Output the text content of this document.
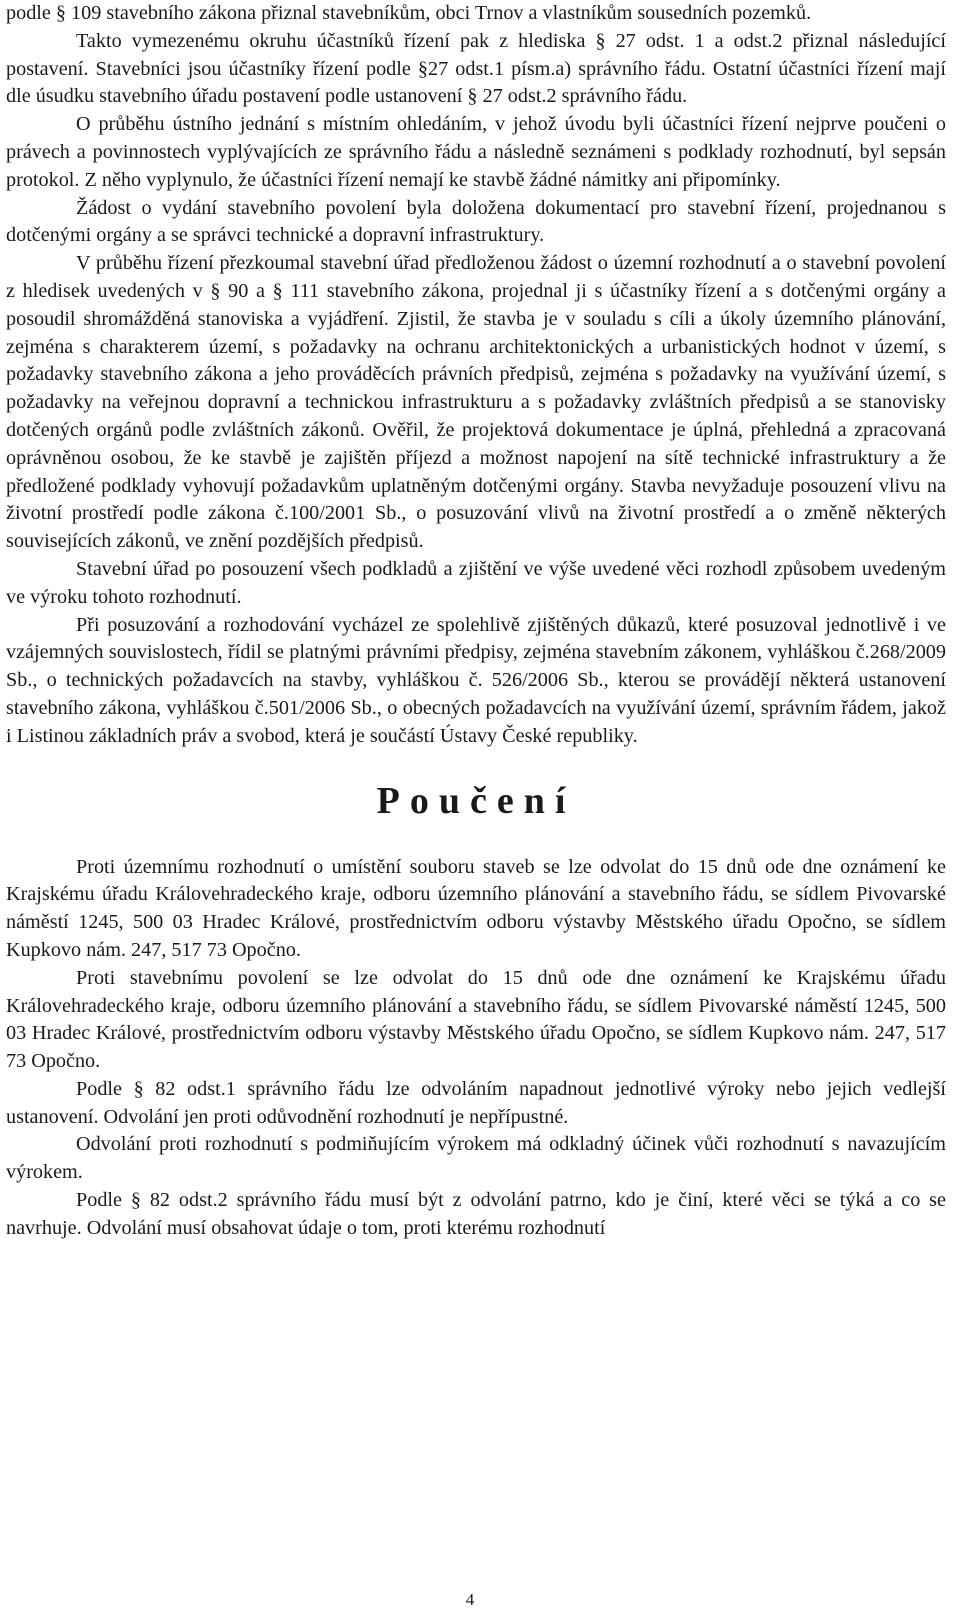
podle § 109 stavebního zákona přiznal stavebníkům, obci Trnov a vlastníkům sousedních pozemků.

Takto vymezenému okruhu účastníků řízení pak z hlediska § 27 odst. 1 a odst.2 přiznal následující postavení. Stavebníci jsou účastníky řízení podle §27 odst.1 písm.a) správního řádu. Ostatní účastníci řízení mají dle úsudku stavebního úřadu postavení podle ustanovení § 27 odst.2 správního řádu.

O průběhu ústního jednání s místním ohledáním, v jehož úvodu byli účastníci řízení nejprve poučeni o právech a povinnostech vyplývajících ze správního řádu a následně seznámeni s podklady rozhodnutí, byl sepsán protokol. Z něho vyplynulo, že účastníci řízení nemají ke stavbě žádné námitky ani připomínky.

Žádost o vydání stavebního povolení byla doložena dokumentací pro stavební řízení, projednanou s dotčenými orgány a se správci technické a dopravní infrastruktury.

V průběhu řízení přezkoumal stavební úřad předloženou žádost o územní rozhodnutí a o stavební povolení z hledisek uvedených v § 90 a § 111 stavebního zákona, projednal ji s účastníky řízení a s dotčenými orgány a posoudil shromážděná stanoviska a vyjádření. Zjistil, že stavba je v souladu s cíli a úkoly územního plánování, zejména s charakterem území, s požadavky na ochranu architektonických a urbanistických hodnot v území, s požadavky stavebního zákona a jeho prováděcích právních předpisů, zejména s požadavky na využívání území, s požadavky na veřejnou dopravní a technickou infrastrukturu a s požadavky zvláštních předpisů a se stanovisky dotčených orgánů podle zvláštních zákonů. Ověřil, že projektová dokumentace je úplná, přehledná a zpracovaná oprávněnou osobou, že ke stavbě je zajištěn příjezd a možnost napojení na sítě technické infrastruktury a že předložené podklady vyhovují požadavkům uplatněným dotčenými orgány. Stavba nevyžaduje posouzení vlivu na životní prostředí podle zákona č.100/2001 Sb., o posuzování vlivů na životní prostředí a o změně některých souvisejících zákonů, ve znění pozdějších předpisů.

Stavební úřad po posouzení všech podkladů a zjištění ve výše uvedené věci rozhodl způsobem uvedeným ve výroku tohoto rozhodnutí.

Při posuzování a rozhodování vycházel ze spolehlivě zjištěných důkazů, které posuzoval jednotlivě i ve vzájemných souvislostech, řídil se platnými právními předpisy, zejména stavebním zákonem, vyhláškou č.268/2009 Sb., o technických požadavcích na stavby, vyhláškou č. 526/2006 Sb., kterou se provádějí některá ustanovení stavebního zákona, vyhláškou č.501/2006 Sb., o obecných požadavcích na využívání území, správním řádem, jakož i Listinou základních práv a svobod, která je součástí Ústavy České republiky.

Poučení

Proti územnímu rozhodnutí o umístění souboru staveb se lze odvolat do 15 dnů ode dne oznámení ke Krajskému úřadu Královehradeckého kraje, odboru územního plánování a stavebního řádu, se sídlem Pivovarské náměstí 1245, 500 03 Hradec Králové, prostřednictvím odboru výstavby Městského úřadu Opočno, se sídlem Kupkovo nám. 247, 517 73 Opočno.

Proti stavebnímu povolení se lze odvolat do 15 dnů ode dne oznámení ke Krajskému úřadu Královehradeckého kraje, odboru územního plánování a stavebního řádu, se sídlem Pivovarské náměstí 1245, 500 03 Hradec Králové, prostřednictvím odboru výstavby Městského úřadu Opočno, se sídlem Kupkovo nám. 247, 517 73 Opočno.

Podle § 82 odst.1 správního řádu lze odvoláním napadnout jednotlivé výroky nebo jejich vedlejší ustanovení. Odvolání jen proti odůvodnění rozhodnutí je nepřípustné.

Odvolání proti rozhodnutí s podmiňujícím výrokem má odkladný účinek vůči rozhodnutí s navazujícím výrokem.

Podle § 82 odst.2 správního řádu musí být z odvolání patrno, kdo je činí, které věci se týká a co se navrhuje. Odvolání musí obsahovat údaje o tom, proti kterému rozhodnutí

4
